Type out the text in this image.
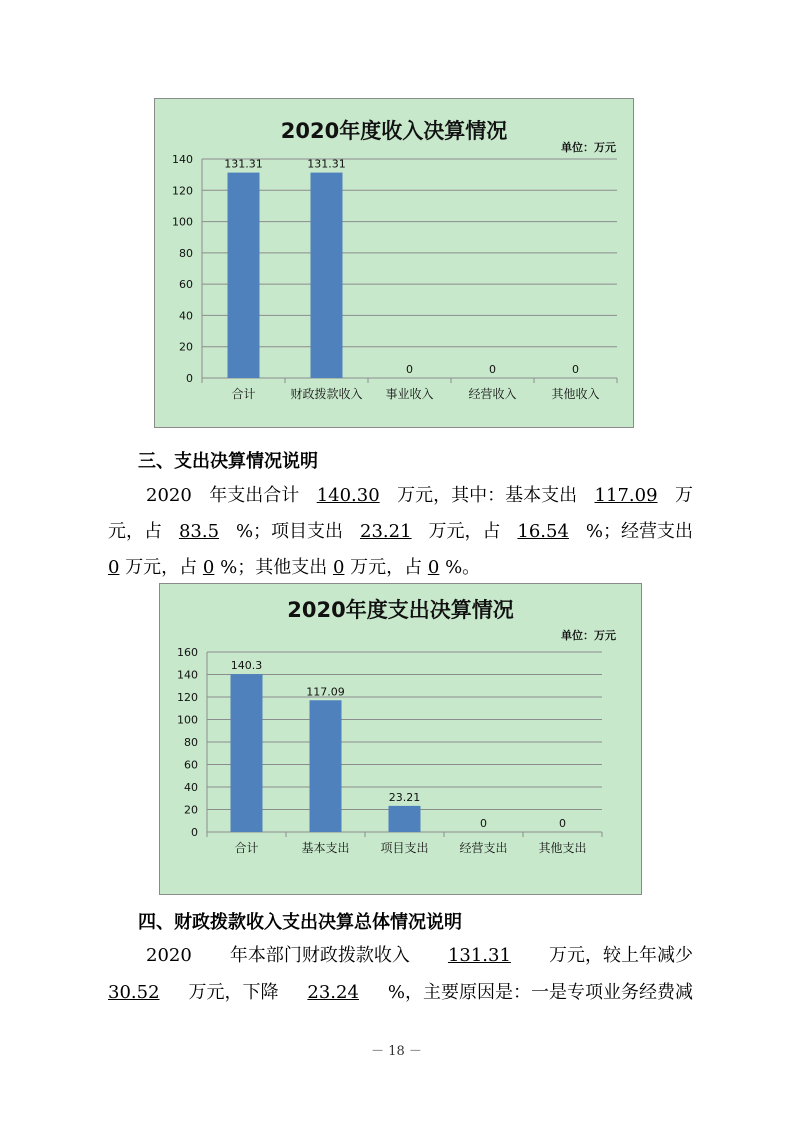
2020年度收入决算情况
单位：万元
0
20
40
60
80
100
120
140	131.31
合计
131.31
财政拨款收入
0
事业收入
0
经营收入
0
其他收入
三、支出决算情况说明
2020 年支出合计 140.30 万元，其中：基本支出 117.09 万
元，占 83.5 %；项目支出 23.21 万元，占 16.54 %；经营支出
0 万元，占 0 %；其他支出 0 万元，占 0 %。
2020年度支出决算情况
单位：万元
0
20
40
60
80
100
120
140
160
140.3
合计
117.09
基本支出
23.21
项目支出
0
经营支出
0
其他支出
四、财政拨款收入支出决算总体情况说明
2020 年本部门财政拨款收入 131.31 万元，较上年减少
30.52 万元，下降 23.24 %，主要原因是：一是专项业务经费减
－ 18 －
